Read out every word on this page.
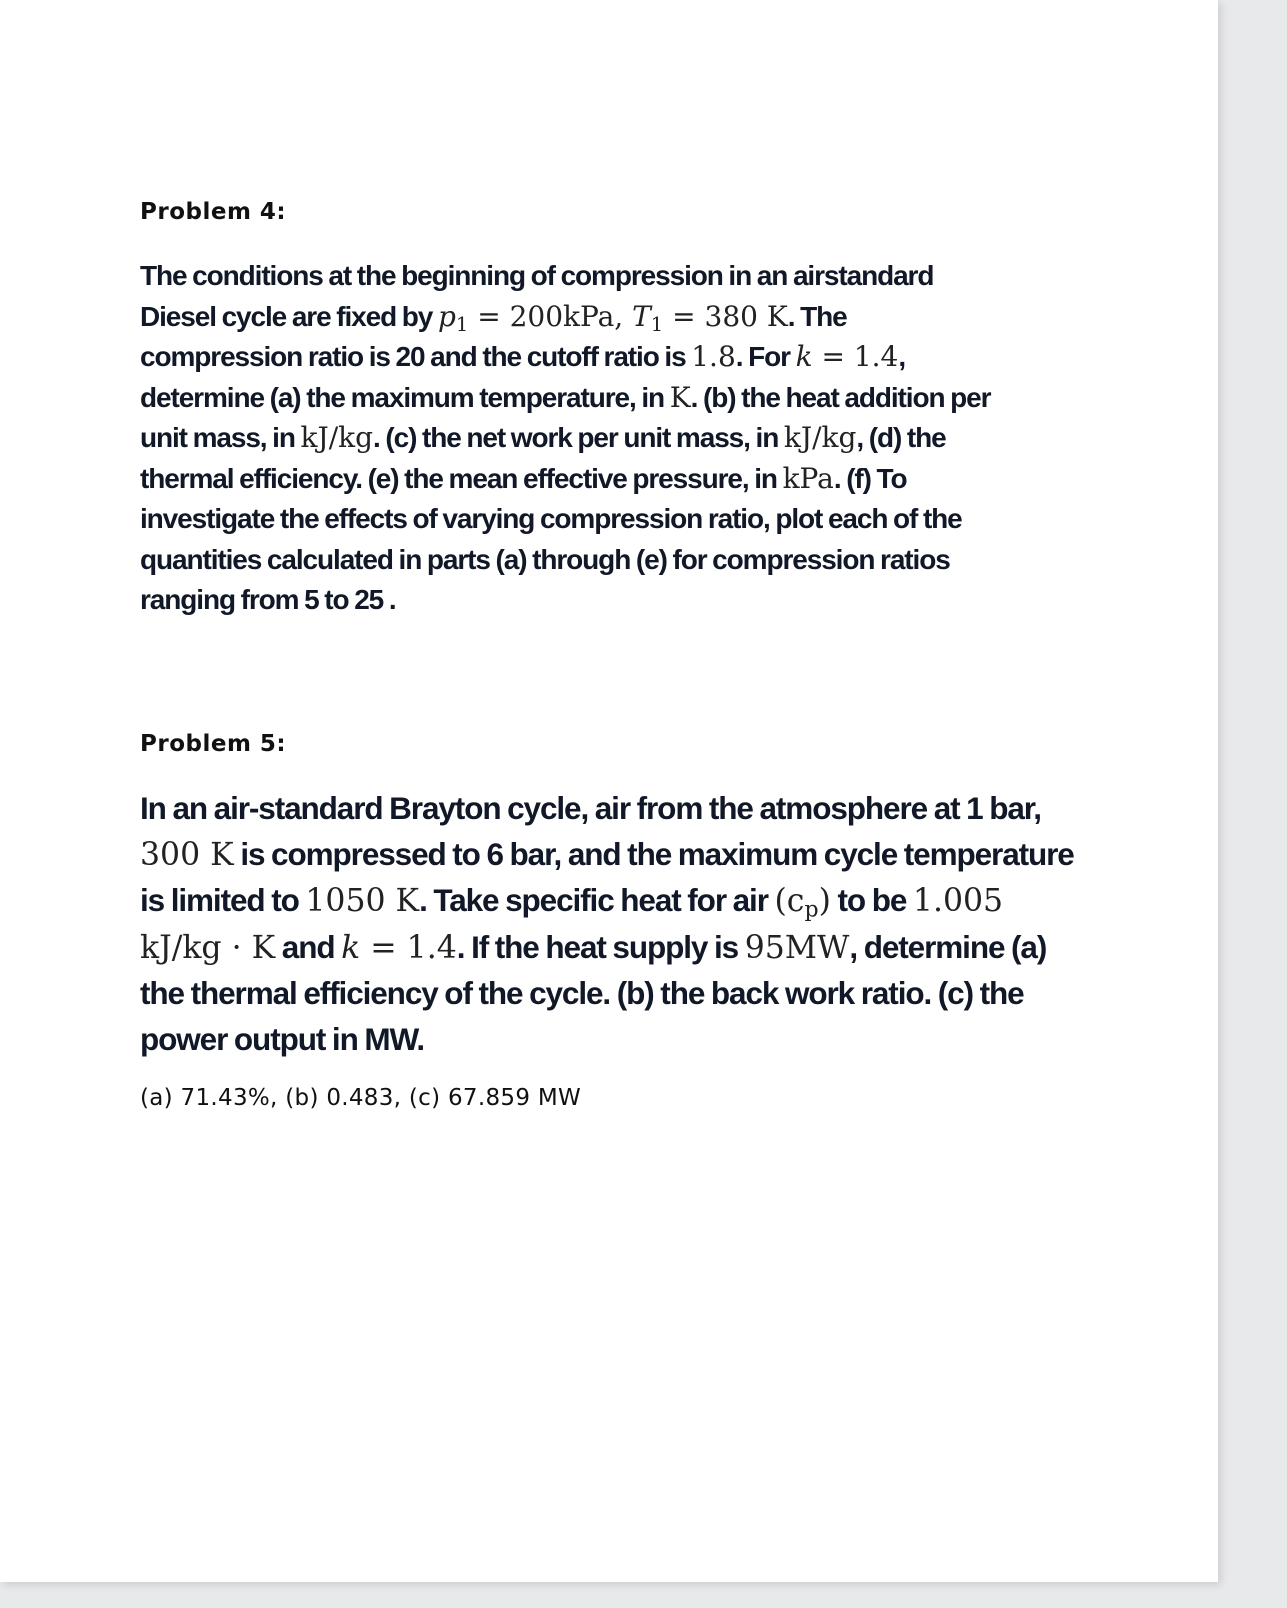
Problem 4:
The conditions at the beginning of compression in an airstandard Diesel cycle are fixed by $p_1 = 200kPa$, $T_1 = 380$ K. The compression ratio is 20 and the cutoff ratio is 1.8. For k = 1.4, determine (a) the maximum temperature, in K. (b) the heat addition per unit mass, in kJ/kg. (c) the net work per unit mass, in kJ/kg, (d) the thermal efficiency. (e) the mean effective pressure, in kPa. (f) To investigate the effects of varying compression ratio, plot each of the quantities calculated in parts (a) through (e) for compression ratios ranging from 5 to 25 .
Problem 5:
In an air-standard Brayton cycle, air from the atmosphere at 1 bar, 300 K is compressed to 6 bar, and the maximum cycle temperature is limited to 1050 K. Take specific heat for air $(c_p)$ to be 1.005 kJ/kg · K and k = 1.4. If the heat supply is 95MW, determine (a) the thermal efficiency of the cycle. (b) the back work ratio. (c) the power output in MW.
(a) 71.43%, (b) 0.483, (c) 67.859 MW
